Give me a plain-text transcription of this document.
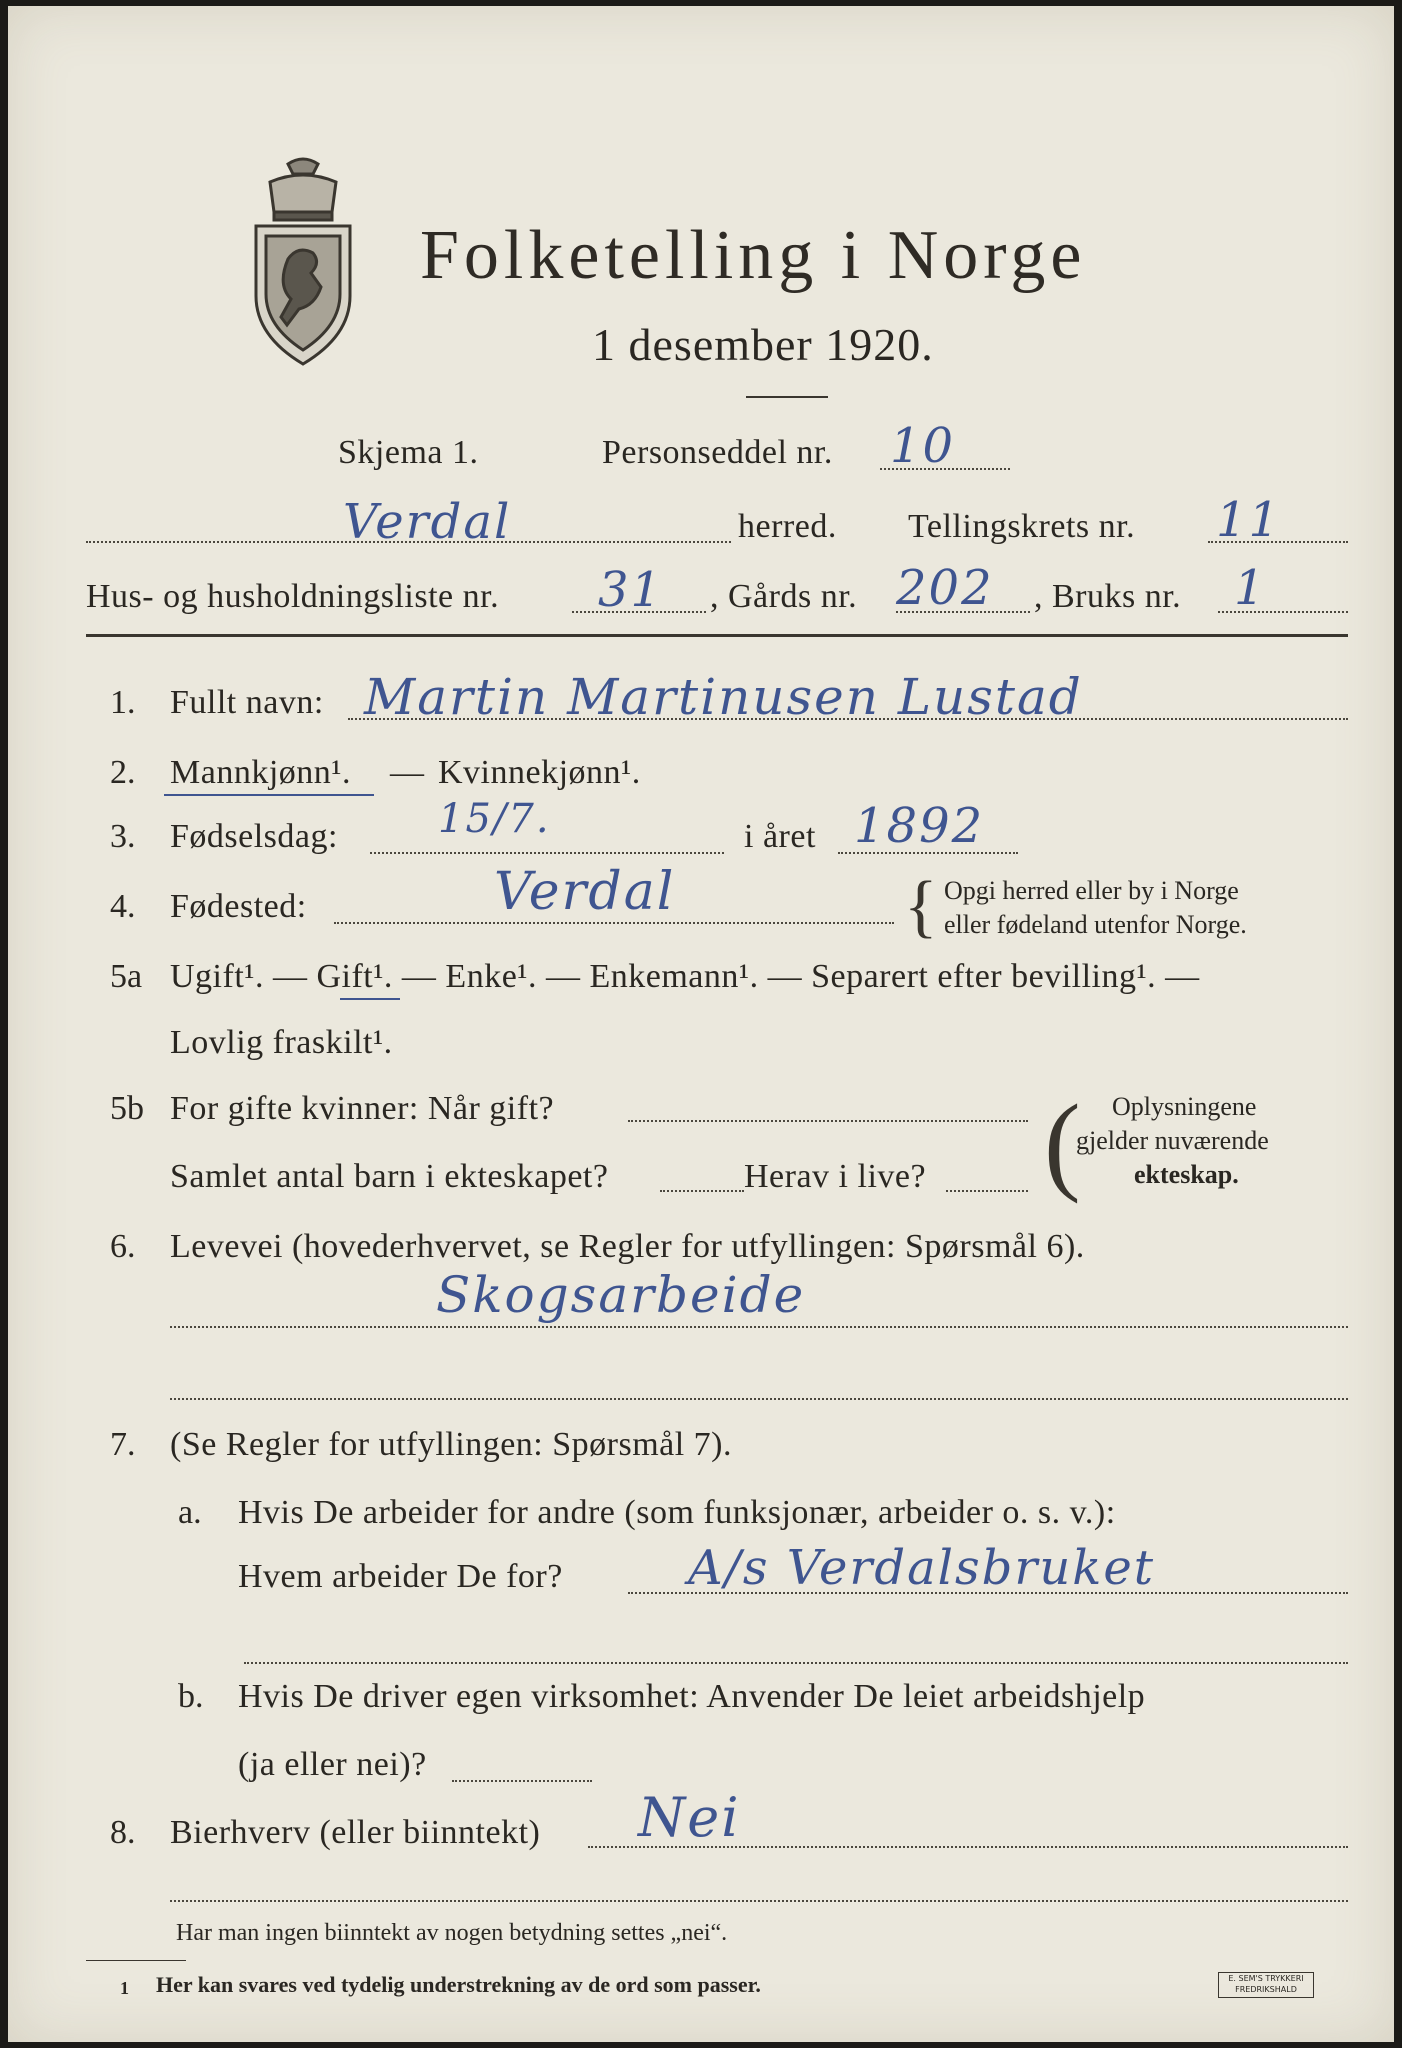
Folketelling i Norge
1 desember 1920.
Skjema 1.	Personseddel nr. 10
Verdal	herred. Tellingskrets nr. 11
Hus- og husholdningsliste nr. 31 , Gårds nr. 202 , Bruks nr. 1
1. Fullt navn: Martin Martinusen Lustad
2. Mannkjønn¹. — Kvinnekjønn¹.
3. Fødselsdag:	15/7.	i året 1892
4. Fødested:	Verdal	{ Opgi herred eller by i Norge
eller fødeland utenfor Norge.
5a Ugift¹. — Gift¹. — Enke¹. — Enkemann¹. — Separert efter bevilling¹. —
Lovlig fraskilt¹.
5b For gifte kvinner: Når gift?
Samlet antal barn i ekteskapet?	Herav i live? ( Oplysningene
gjelder nuværende
ekteskap.
6. Levevei (hovederhvervet, se Regler for utfyllingen: Spørsmål 6).
Skogsarbeide
7. (Se Regler for utfyllingen: Spørsmål 7).
a. Hvis De arbeider for andre (som funksjonær, arbeider o. s. v.):
Hvem arbeider De for?	A/s Verdalsbruket
b. Hvis De driver egen virksomhet: Anvender De leiet arbeidshjelp
(ja eller nei)?
8. Bierhverv (eller biinntekt) Nei
Har man ingen biinntekt av nogen betydning settes „nei“.
1 Her kan svares ved tydelig understrekning av de ord som passer.	E. SEM'S TRYKKERI
FREDRIKSHALD
